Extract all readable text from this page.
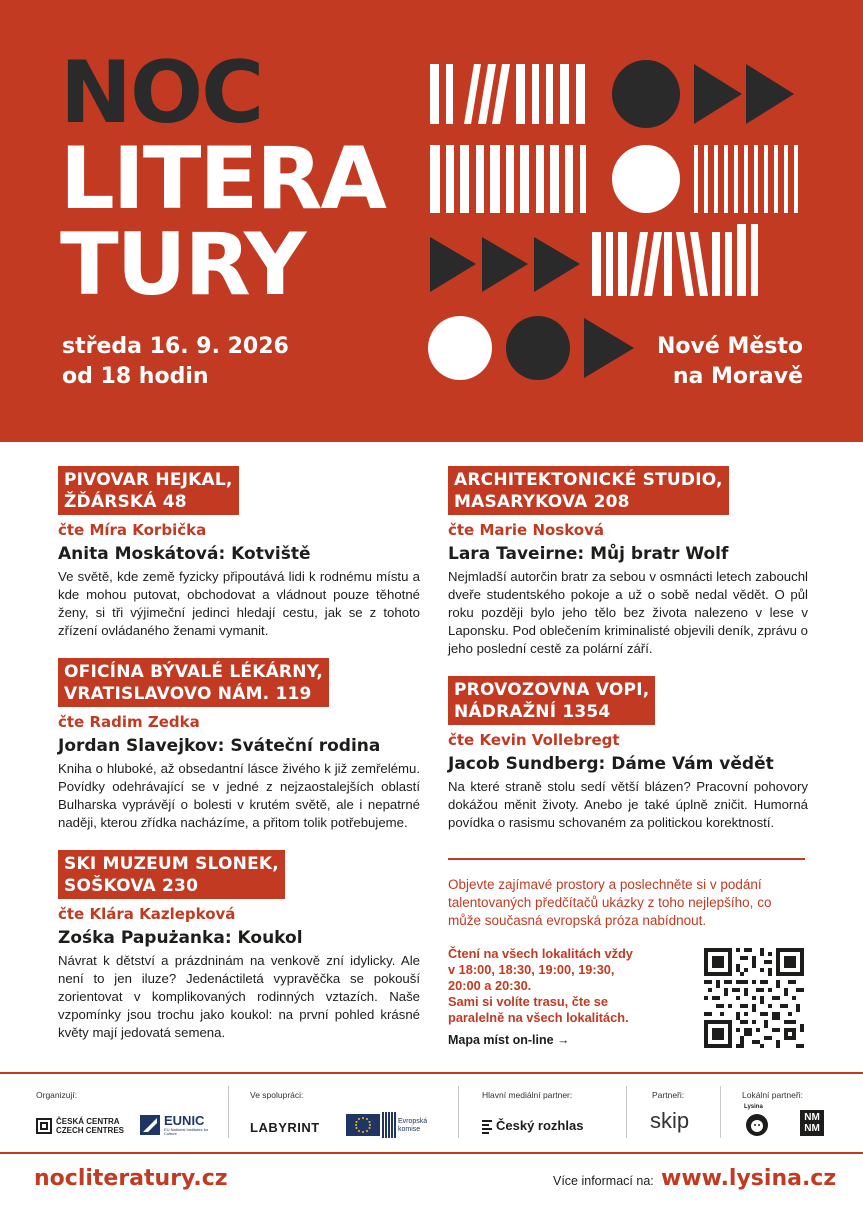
NOC
LITERA
TURY
středa 16. 9. 2026
od 18 hodin
Nové Město
na Moravě
PIVOVAR HEJKAL,
ŽĎÁRSKÁ 48
čte Míra Korbička
Anita Moskátová: Kotviště
Ve světě, kde země fyzicky připoutává lidi k rodnému místu a kde mohou putovat, obchodovat a vládnout pouze těhotné ženy, si tři výjimeční jedinci hledají cestu, jak se z tohoto zřízení ovládaného ženami vymanit.
OFICÍNA BÝVALÉ LÉKÁRNY,
VRATISLAVOVO NÁM. 119
čte Radim Zedka
Jordan Slavejkov: Sváteční rodina
Kniha o hluboké, až obsedantní lásce živého k již zemřelému. Povídky odehrávající se v jedné z nejzaostalejších oblastí Bulharska vyprávějí o bolesti v krutém světě, ale i nepatrné naději, kterou zřídka nacházíme, a přitom tolik potřebujeme.
SKI MUZEUM SLONEK,
SOŠKOVA 230
čte Klára Kazlepková
Zośka Papużanka: Koukol
Návrat k dětství a prázdninám na venkově zní idylicky. Ale není to jen iluze? Jedenáctiletá vypravěčka se pokouší zorientovat v komplikovaných rodinných vztazích. Naše vzpomínky jsou trochu jako koukol: na první pohled krásné květy mají jedovatá semena.
ARCHITEKTONICKÉ STUDIO,
MASARYKOVA 208
čte Marie Nosková
Lara Taveirne: Můj bratr Wolf
Nejmladší autorčin bratr za sebou v osmnácti letech zabouchl dveře studentského pokoje a už o sobě nedal vědět. O půl roku později bylo jeho tělo bez života nalezeno v lese v Laponsku. Pod oblečením kriminalisté objevili deník, zprávu o jeho poslední cestě za polární září.
PROVOZOVNA VOPI,
NÁDRAŽNÍ 1354
čte Kevin Vollebregt
Jacob Sundberg: Dáme Vám vědět
Na které straně stolu sedí větší blázen? Pracovní pohovory dokážou měnit životy. Anebo je také úplně zničit. Humorná povídka o rasismu schovaném za politickou korektností.
Objevte zajímavé prostory a poslechněte si v podání talentovaných předčítačů ukázky z toho nejlepšího, co může současná evropská próza nabídnout.
Čtení na všech lokalitách vždy
v 18:00, 18:30, 19:00, 19:30,
20:00 a 20:30.
Sami si volíte trasu, čte se
paralelně na všech lokalitách.
Mapa míst on-line →
Organizují:	Ve spolupráci:	Hlavní mediální partner:	Partneři:	Lokální partneři:
ČESKÁ CENTRA
CZECH CENTRES
EUNIC
EU National Institutes for Culture	LABYRINT	Evropská
komise	Český rozhlas	skip
Lysina
NM
NM
nocliteratury.cz	Více informací na: www.lysina.cz
